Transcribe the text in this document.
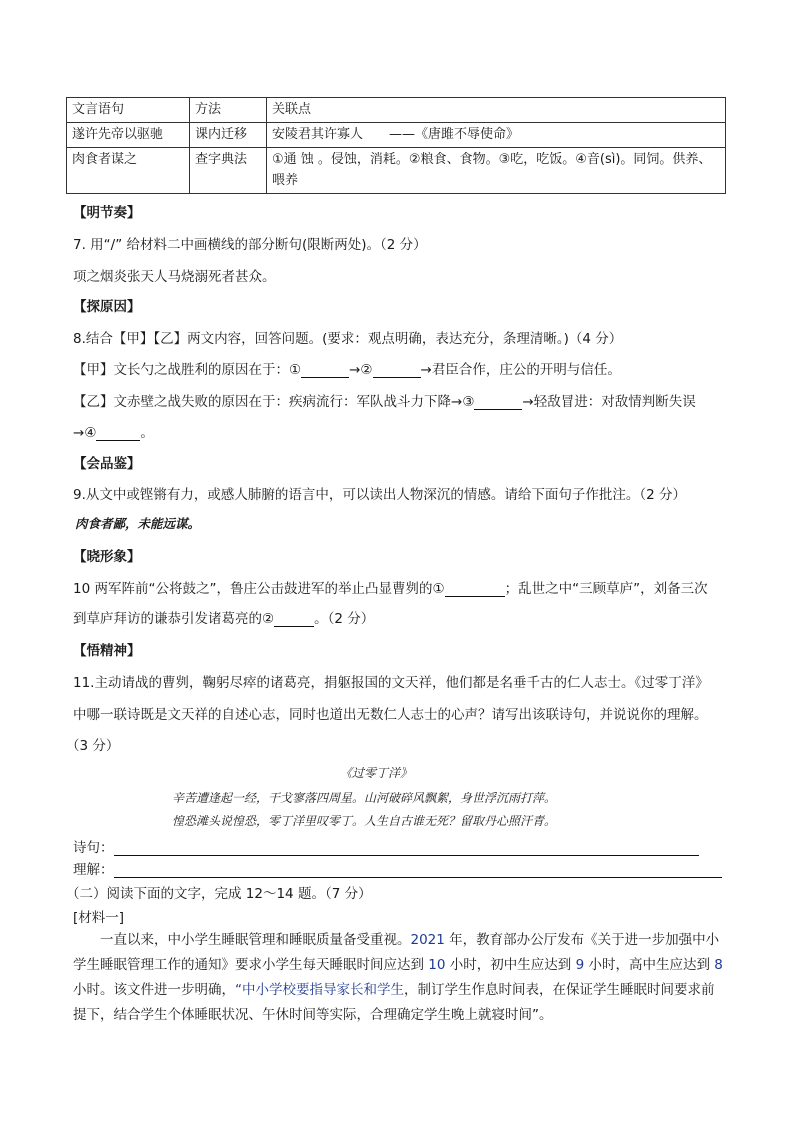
文言语句	方法	关联点
遂许先帝以驱驰	课内迁移	安陵君其许寡人　　——《唐雎不辱使命》
肉食者谋之	查字典法	①通 蚀 。侵蚀，消耗。②粮食、食物。③吃，吃饭。④音(sì)。同饲。供养、喂养
【明节奏】
7. 用“/” 给材料二中画横线的部分断句(限断两处)。（2 分）
项之烟炎张天人马烧溺死者甚众。
【探原因】
8.结合【甲】【乙】两文内容，回答问题。(要求：观点明确，表达充分，条理清晰。)（4 分）
【甲】文长勺之战胜利的原因在于：①	→②	→君臣合作，庄公的开明与信任。
【乙】文赤壁之战失败的原因在于：疾病流行：军队战斗力下降→③	→轻敌冒进：对敌情判断失误
→④	。
【会品鉴】
9.从文中或铿锵有力，或感人肺腑的语言中，可以读出人物深沉的情感。请给下面句子作批注。（2 分）
肉食者鄙，未能远谋。
【晓形象】
10 两军阵前“公将鼓之”，鲁庄公击鼓进军的举止凸显曹刿的①	；乱世之中“三顾草庐”，刘备三次
到草庐拜访的谦恭引发诸葛亮的②	。（2 分）
【悟精神】
11.主动请战的曹刿，鞠躬尽瘁的诸葛亮，捐躯报国的文天祥，他们都是名垂千古的仁人志士。《过零丁洋》
中哪一联诗既是文天祥的自述心志，同时也道出无数仁人志士的心声？请写出该联诗句，并说说你的理解。
（3 分）
《过零丁洋》
辛苦遭逢起一经，干戈寥落四周星。山河破碎风飘絮，身世浮沉雨打萍。
惶恐滩头说惶恐，零丁洋里叹零丁。人生自古谁无死？留取丹心照汗青。
诗句：
理解：
（二）阅读下面的文字，完成 12～14 题。（7 分）
[材料一]
一直以来，中小学生睡眠管理和睡眠质量备受重视。2021 年，教育部办公厅发布《关于进一步加强中小学生睡眠管理工作的通知》要求小学生每天睡眠时间应达到 10 小时，初中生应达到 9 小时，高中生应达到 8 小时。该文件进一步明确，“中小学校要指导家长和学生，制订学生作息时间表，在保证学生睡眠时间要求前提下，结合学生个体睡眠状况、午休时间等实际，合理确定学生晚上就寝时间”。
